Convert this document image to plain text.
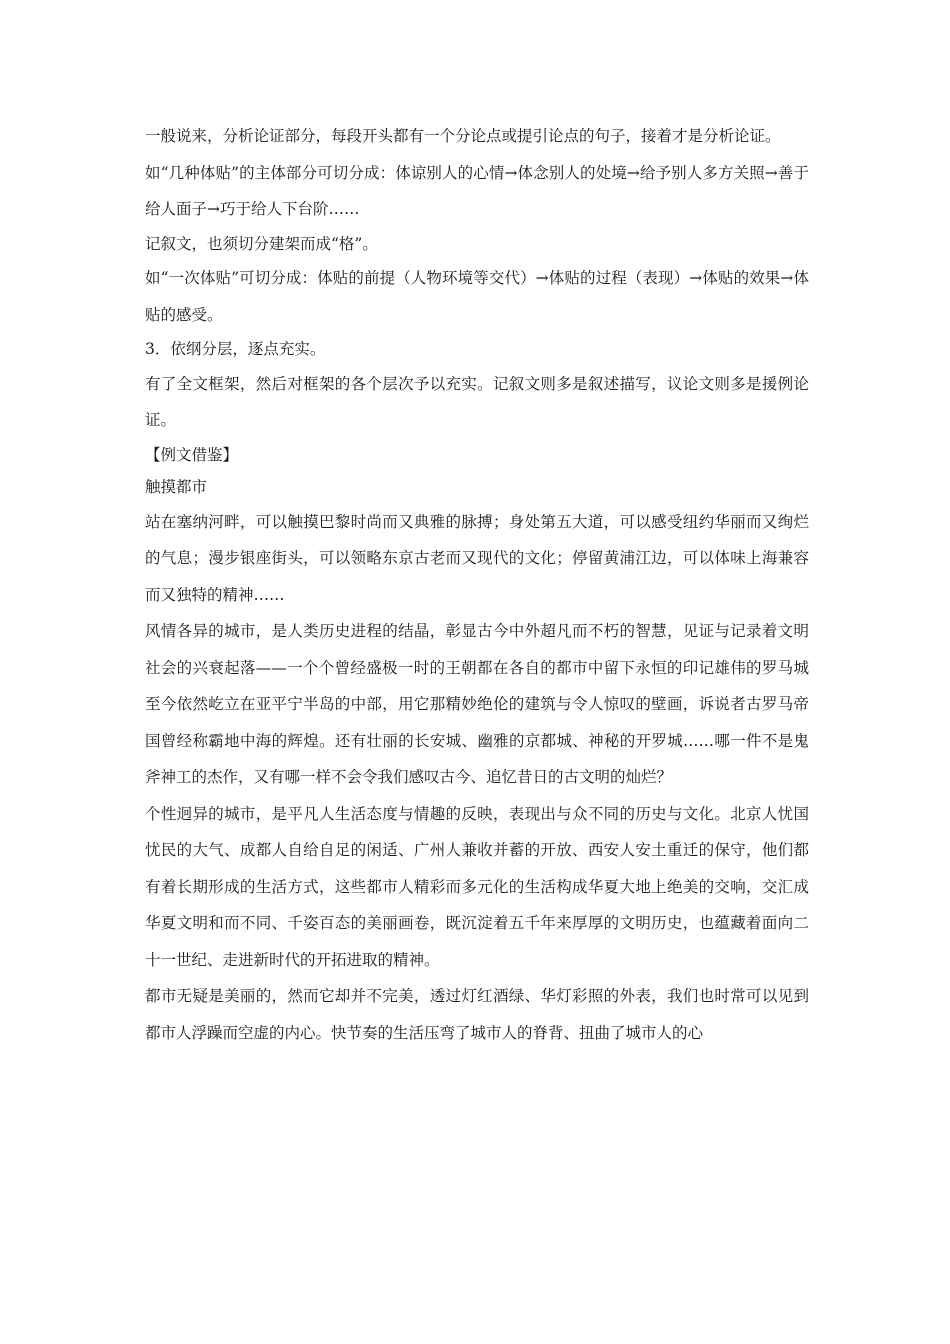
一般说来，分析论证部分，每段开头都有一个分论点或提引论点的句子，接着才是分析论证。

如“几种体贴”的主体部分可切分成：体谅别人的心情→体念别人的处境→给予别人多方关照→善于给人面子→巧于给人下台阶……

记叙文，也须切分建架而成“格”。

如“一次体贴”可切分成：体贴的前提（人物环境等交代）→体贴的过程（表现）→体贴的效果→体贴的感受。

3．依纲分层，逐点充实。

有了全文框架，然后对框架的各个层次予以充实。记叙文则多是叙述描写，议论文则多是援例论证。

【例文借鉴】

触摸都市

站在塞纳河畔，可以触摸巴黎时尚而又典雅的脉搏；身处第五大道，可以感受纽约华丽而又绚烂的气息；漫步银座街头，可以领略东京古老而又现代的文化；停留黄浦江边，可以体味上海兼容而又独特的精神……

风情各异的城市，是人类历史进程的结晶，彰显古今中外超凡而不朽的智慧，见证与记录着文明社会的兴衰起落——一个个曾经盛极一时的王朝都在各自的都市中留下永恒的印记雄伟的罗马城至今依然屹立在亚平宁半岛的中部，用它那精妙绝伦的建筑与令人惊叹的壁画，诉说者古罗马帝国曾经称霸地中海的辉煌。还有壮丽的长安城、幽雅的京都城、神秘的开罗城……哪一件不是鬼斧神工的杰作，又有哪一样不会令我们感叹古今、追忆昔日的古文明的灿烂？

个性迥异的城市，是平凡人生活态度与情趣的反映，表现出与众不同的历史与文化。北京人忧国忧民的大气、成都人自给自足的闲适、广州人兼收并蓄的开放、西安人安土重迁的保守，他们都有着长期形成的生活方式，这些都市人精彩而多元化的生活构成华夏大地上绝美的交响，交汇成华夏文明和而不同、千姿百态的美丽画卷，既沉淀着五千年来厚厚的文明历史，也蕴藏着面向二十一世纪、走进新时代的开拓进取的精神。

都市无疑是美丽的，然而它却并不完美，透过灯红酒绿、华灯彩照的外表，我们也时常可以见到都市人浮躁而空虚的内心。快节奏的生活压弯了城市人的脊背、扭曲了城市人的心
